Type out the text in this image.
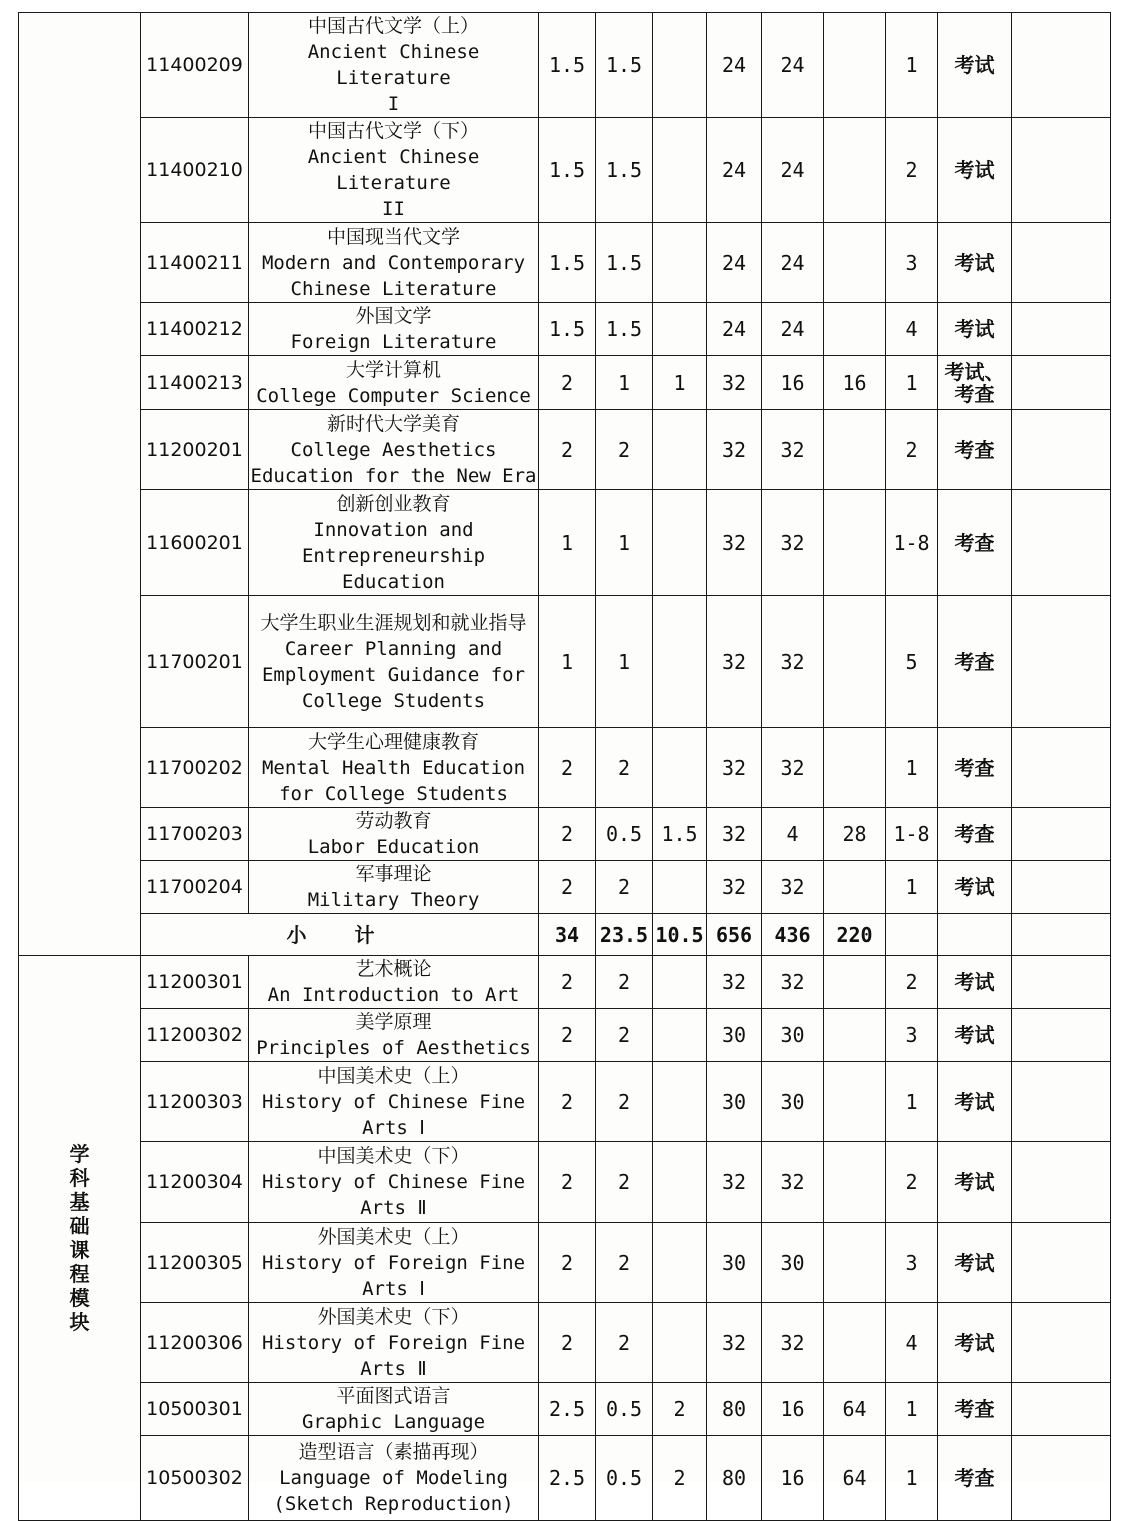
	11400209	中国古代文学（上）
Ancient Chinese Literature
I	1.5	1.5		24	24		1	考试	
	11400210	中国古代文学（下）
Ancient Chinese Literature
II	1.5	1.5		24	24		2	考试	
	11400211	中国现当代文学
Modern and Contemporary
Chinese Literature	1.5	1.5		24	24		3	考试	
	11400212	外国文学
Foreign Literature	1.5	1.5		24	24		4	考试	
	11400213	大学计算机
College Computer Science	2	1	1	32	16	16	1	考试、考查	
	11200201	新时代大学美育
College Aesthetics
Education for the New Era	2	2		32	32		2	考查	
	11600201	创新创业教育
Innovation and
Entrepreneurship
Education	1	1		32	32		1-8	考查	
	11700201	大学生职业生涯规划和就业指导
Career Planning and
Employment Guidance for
College Students	1	1		32	32		5	考查	
	11700202	大学生心理健康教育
Mental Health Education
for College Students	2	2		32	32		1	考查	
	11700203	劳动教育
Labor Education	2	0.5	1.5	32	4	28	1-8	考查	
	11700204	军事理论
Military Theory	2	2		32	32		1	考试	
	小 计		34	23.5	10.5	656	436	220			
学科基础课程模块	11200301	艺术概论
An Introduction to Art	2	2		32	32		2	考试	
	11200302	美学原理
Principles of Aesthetics	2	2		30	30		3	考试	
	11200303	中国美术史（上）
History of Chinese Fine
Arts Ⅰ	2	2		30	30		1	考试	
	11200304	中国美术史（下）
History of Chinese Fine
Arts Ⅱ	2	2		32	32		2	考试	
	11200305	外国美术史（上）
History of Foreign Fine
Arts Ⅰ	2	2		30	30		3	考试	
	11200306	外国美术史（下）
History of Foreign Fine
Arts Ⅱ	2	2		32	32		4	考试	
	10500301	平面图式语言
Graphic Language	2.5	0.5	2	80	16	64	1	考查	
	10500302	造型语言（素描再现）
Language of Modeling
(Sketch Reproduction)	2.5	0.5	2	80	16	64	1	考查	
